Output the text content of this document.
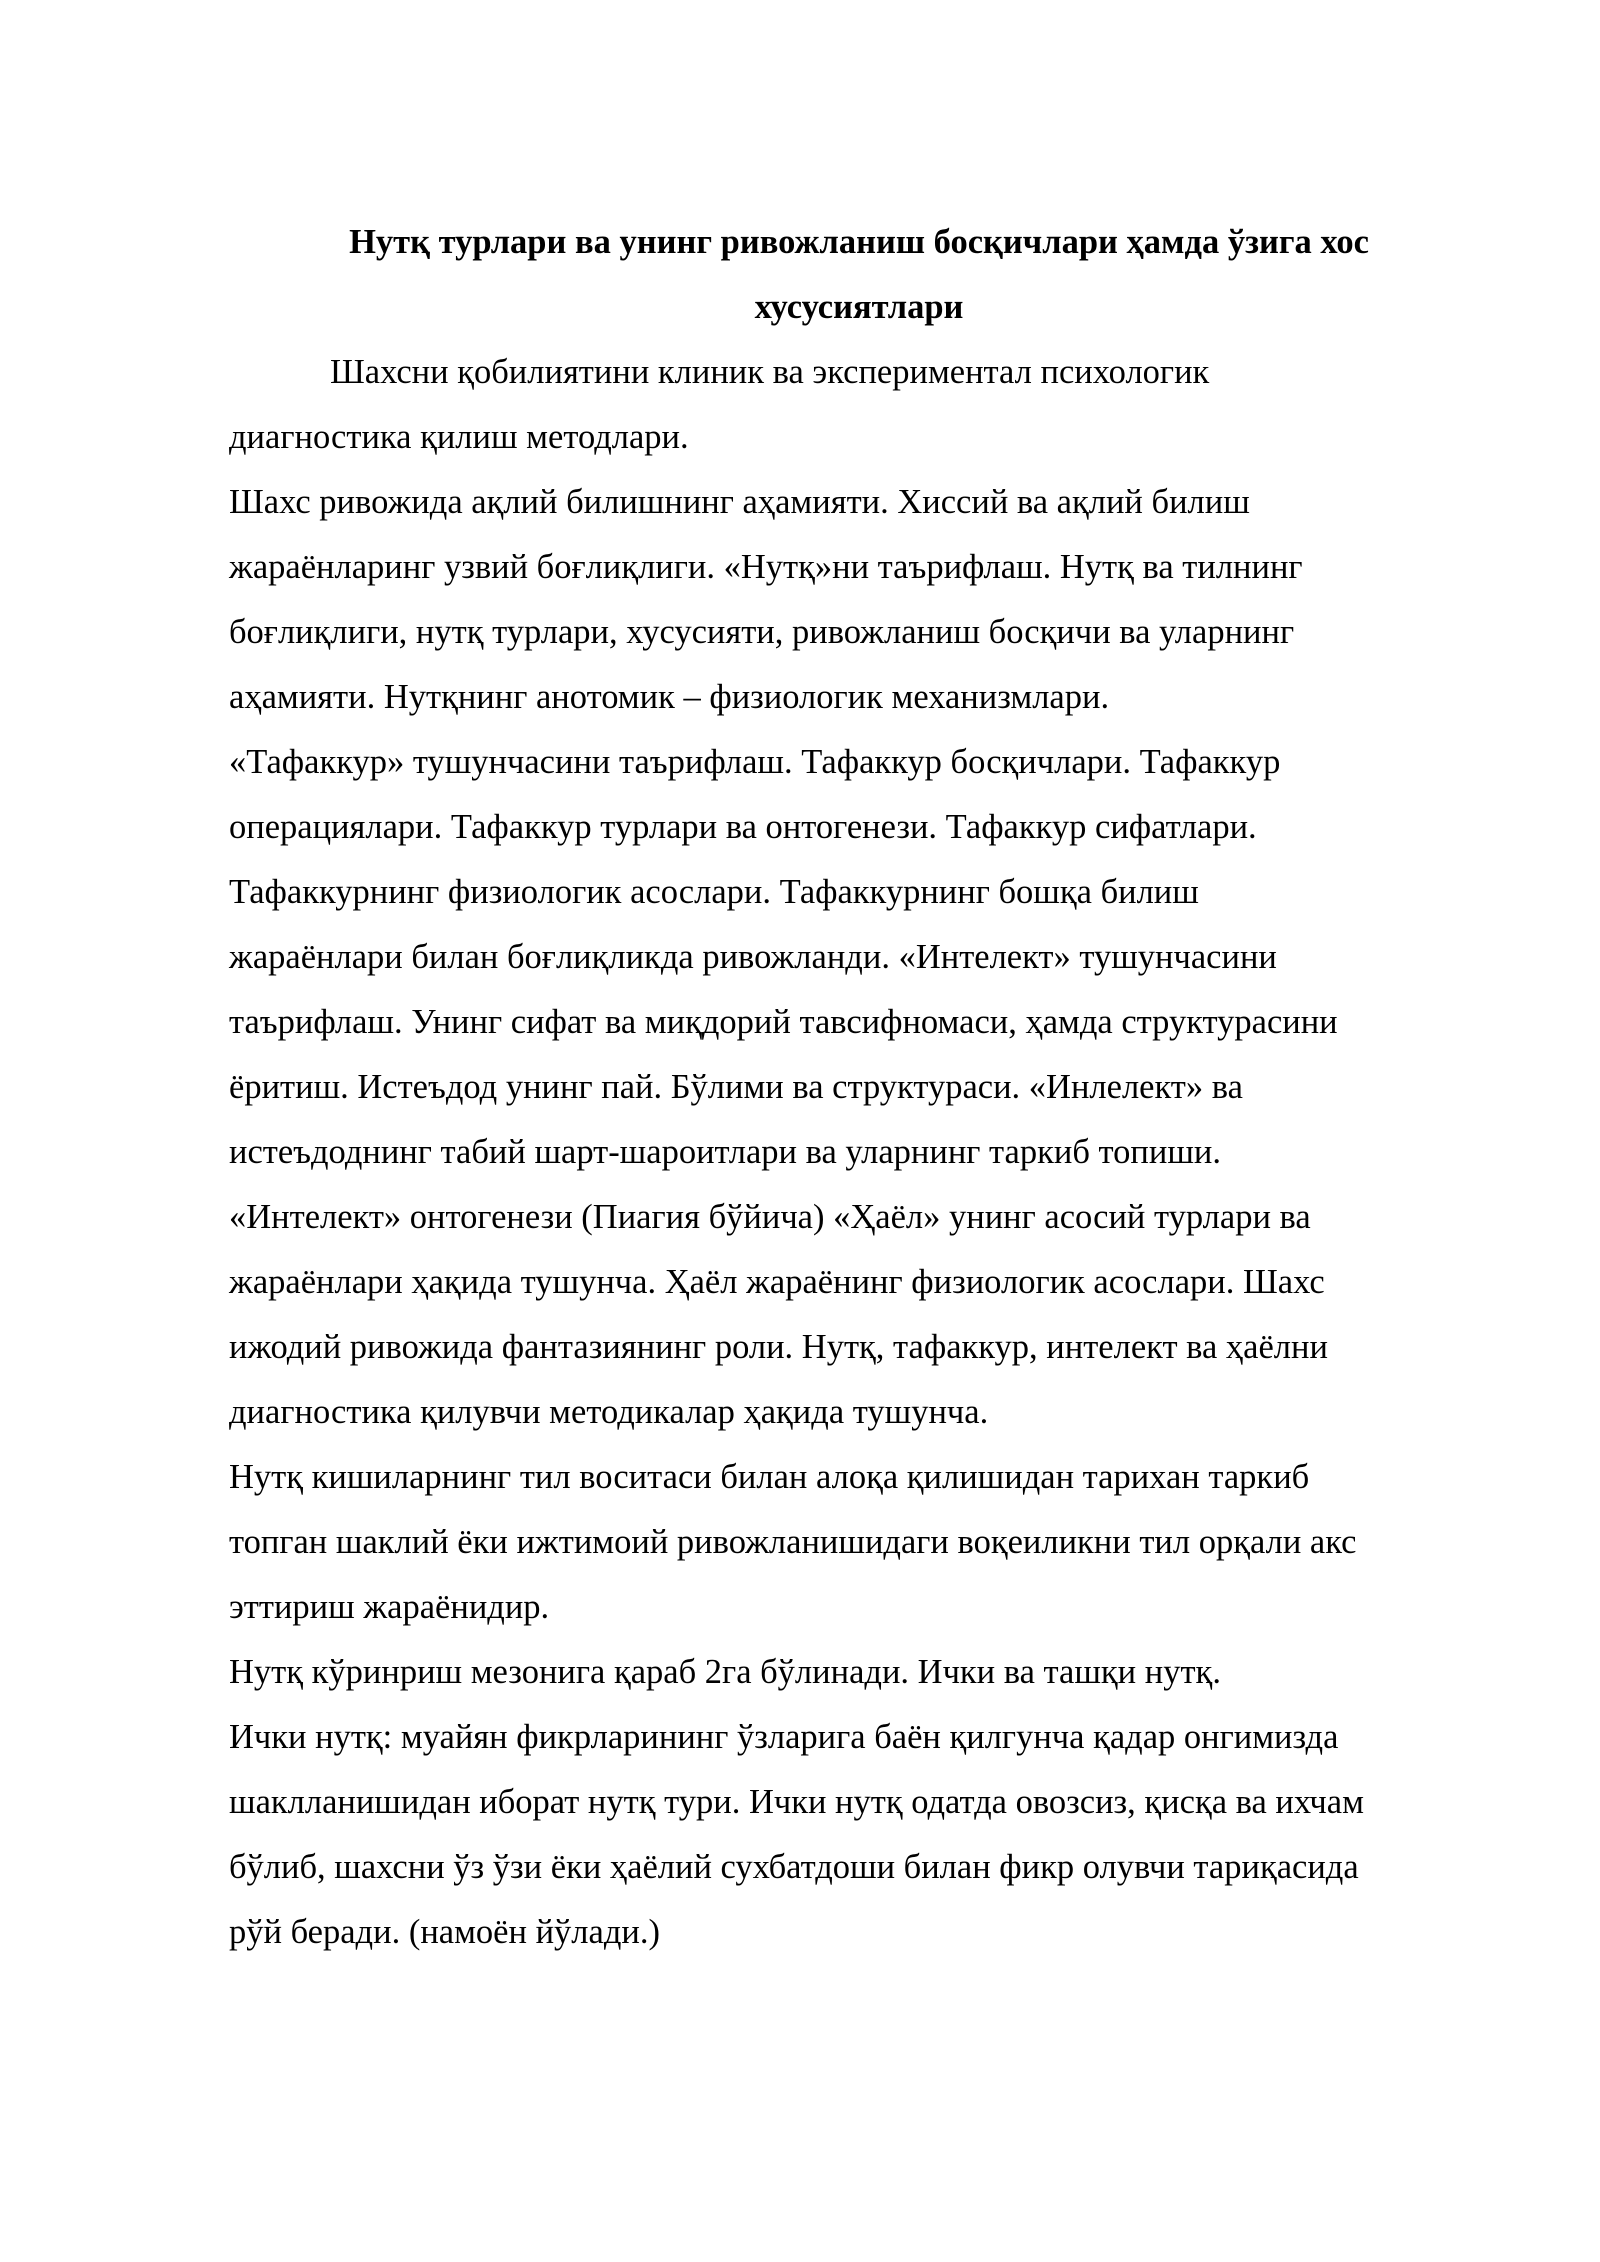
Нутқ турлари ва унинг ривожланиш босқичлари ҳамда ўзига хос
хусусиятлари
Шахсни қобилиятини клиник ва экспериментал психологик
диагностика қилиш методлари.
Шахс ривожида ақлий билишнинг аҳамияти. Хиссий ва ақлий билиш
жараёнларинг узвий боғлиқлиги. «Нутқ»ни таърифлаш. Нутқ ва тилнинг
боғлиқлиги, нутқ турлари, хусусияти, ривожланиш босқичи ва уларнинг
аҳамияти. Нутқнинг анотомик – физиологик механизмлари.
«Тафаккур» тушунчасини таърифлаш. Тафаккур босқичлари. Тафаккур
операциялари. Тафаккур турлари ва онтогенези. Тафаккур сифатлари.
Тафаккурнинг физиологик асослари. Тафаккурнинг бошқа билиш
жараёнлари билан боғлиқликда ривожланди. «Интелект» тушунчасини
таърифлаш. Унинг сифат ва миқдорий тавсифномаси, ҳамда структурасини
ёритиш. Истеъдод унинг пай. Бўлими ва структураси. «Инлелект» ва
истеъдоднинг табий шарт-шароитлари ва уларнинг таркиб топиши.
«Интелект» онтогенези (Пиагия бўйича) «Ҳаёл» унинг асосий турлари ва
жараёнлари ҳақида тушунча. Ҳаёл жараёнинг физиологик асослари. Шахс
ижодий ривожида фантазиянинг роли. Нутқ, тафаккур, интелект ва ҳаёлни
диагностика қилувчи методикалар ҳақида тушунча.
Нутқ кишиларнинг тил воситаси билан алоқа қилишидан тарихан таркиб
топган шаклий ёки ижтимоий ривожланишидаги воқеиликни тил орқали акс
эттириш жараёнидир.
Нутқ кўринриш мезонига қараб 2га бўлинади. Ички ва ташқи нутқ.
Ички нутқ: муайян фикрларининг ўзларига баён қилгунча қадар онгимизда
шаклланишидан иборат нутқ тури. Ички нутқ одатда овозсиз, қисқа ва ихчам
бўлиб, шахсни ўз ўзи ёки ҳаёлий сухбатдоши билан фикр олувчи тариқасида
рўй беради. (намоён йўлади.)
